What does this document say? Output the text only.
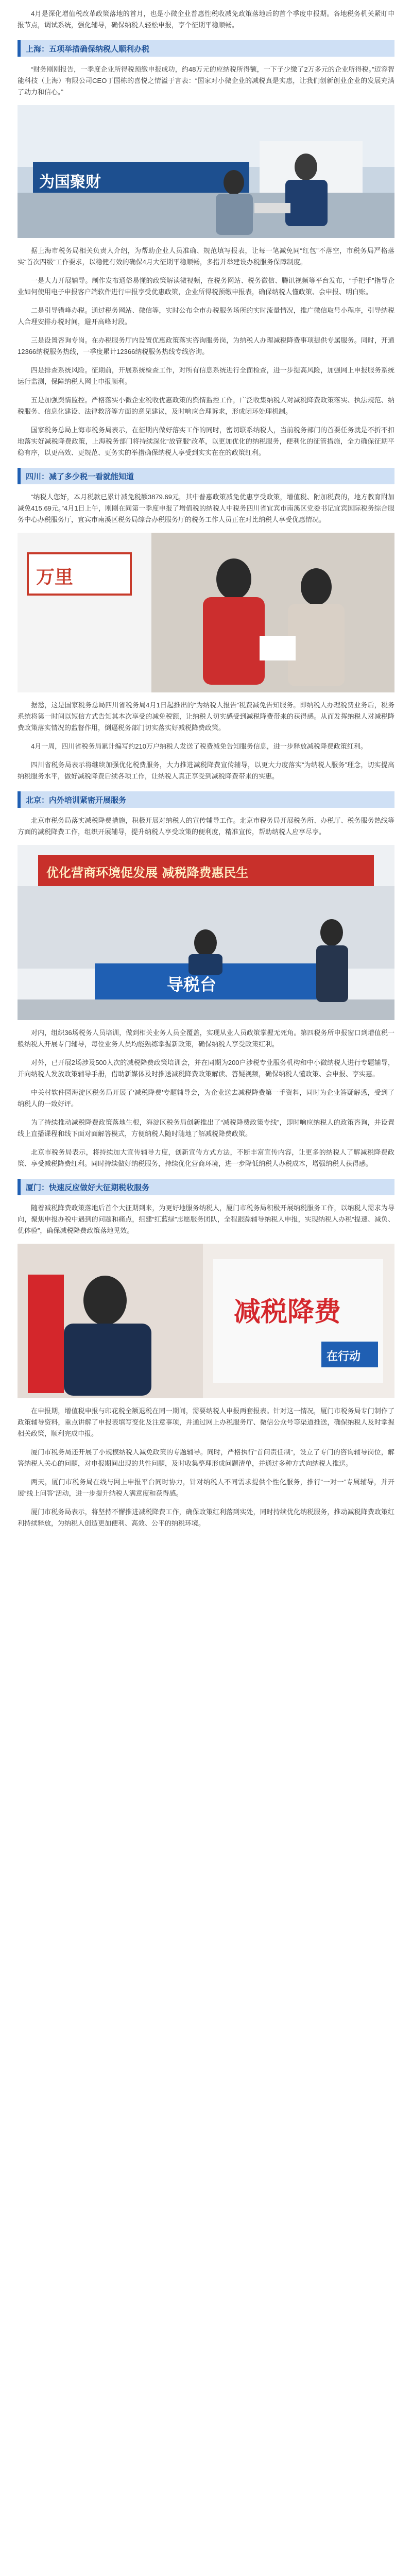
4月是深化增值税改革政策落地的首月，也是小微企业普惠性税收减免政策落地后的首个季度申报期。各地税务机关紧盯申报节点，调试系统，强化辅导，确保纳税人轻松申报，享个征期平稳顺畅。

上海：五项举措确保纳税人顺利办税

“财务刚刚报告，一季度企业所得税预缴申报成功，约48万元的应纳税所得额，一下子少缴了2万多元的企业所得税。”迈容智能科技（上海）有限公司CEO丁国栋的喜悦之情溢于言表：“国家对小微企业的减税真是实惠，让我们创新创业企业的发展充满了动力和信心。”

为国聚财

据上海市税务局相关负责人介绍，为帮助企业人员准确、规范填写报表，让每一笔减免同“红包”不落空，市税务局严格落实“首次四级”工作要求，以稳健有效的确保4月大征期平稳顺畅，多措并举建设办税服务保障制度。

一是大力开展辅导。制作发布通俗易懂的政策解读微视频，在税务网站、税务微信、腾讯视频等平台发布，“手把手”指导企业如何使用电子申报客户端软件进行申报享受优惠政策，企业所得税预缴申报表，确保纳税人懂政策、会申报、明白账。

二是引导错峰办税。通过税务网站、微信等，实时公布全市办税服务场所的实时流量情况，推广微信取号小程序，引导纳税人合理安排办税时间，避开高峰时段。

三是设置咨询专岗。在办税服务厅内设置优惠政策落实咨询服务岗，为纳税人办理减税降费事项提供专属服务。同时，开通12366纳税服务热线，一季度累计12366纳税服务热线专线咨询。

四是排查系统风险。征期前，开展系统检查工作，对所有信息系统进行全面检查，进一步提高风险，加强网上申报服务系统运行监测，保障纳税人网上申报顺利。

五是加强舆情监控。严格落实小微企业税收优惠政策的舆情监控工作，广泛收集纳税人对减税降费政策落实、执法规范、纳税服务、信息化建设、法律救济等方面的意见建议，及时响应合理诉求，形成闭环处理机制。

国家税务总局上海市税务局表示，在征期内做好落实工作的同时，密切联系纳税人，当前税务部门的首要任务就是不折不扣地落实好减税降费政策，上海税务部门将持续深化“放管服”改革，以更加优化的纳税服务，便利化的征管措施，全力确保征期平稳有序，以更高效、更规范、更务实的举措确保纳税人享受到实实在在的政策红利。

四川：减了多少税一看就能知道

“纳税人您好，本月税款已累计减免税额3879.69元，其中普惠政策减免优惠享受政策，增值税、附加税费的，地方教育附加减免415.69元。”4月1日上午，刚刚在同第一季度申报了增值税的纳税人中税务四川省宜宾市南溪区党委书记宜宾国际税务综合服务中心办税服务厅，宜宾市南溪区税务局综合办税服务厅的税务工作人员正在对比纳税人享受优惠情况。

万里

据悉，这是国家税务总局四川省税务局4月1日起推出的“为纳税人报告”税费减免告知服务。即纳税人办理税费业务后，税务系统将第一时间以短信方式告知其本次享受的减免税额，让纳税人切实感受到减税降费带来的获得感。从而发挥纳税人对减税降费政策落实情况的监督作用，倒逼税务部门切实落实好减税降费政策。

4月一周，四川省税务局累计编写约210万户纳税人发送了税费减免告知服务信息，进一步释放减税降费政策红利。

四川省税务局表示将继续加强优化税费服务，大力推进减税降费宣传辅导，以更大力度落实“为纳税人服务”理念，切实提高纳税服务水平，做好减税降费后续各项工作，让纳税人真正享受到减税降费带来的实惠。

北京：内外培训紧密开展服务

北京市税务局落实减税降费措施，积极开展对纳税人的宣传辅导工作。北京市税务局开展税务所、办税厅、税务服务热线等方面的减税降费工作，组织开展辅导，提升纳税人享受政策的便利度，精准宣传，帮助纳税人应享尽享。

优化营商环境促发展 减税降费惠民生
导税台

对内，组织36场税务人员培训，做到相关业务人员全覆盖，实现从业人员政策掌握无死角。第四税务所申报窗口到增值税一般纳税人开展专门辅导，每位业务人员均能熟练掌握新政策，确保纳税人享受政策红利。

对外，已开展2场涉及500人次的减税降费政策培训会，并在同期为200户涉税专业服务机构和中小微纳税人进行专题辅导，并向纳税人发放政策辅导手册，借助新媒体及时推送减税降费政策解读、答疑视频，确保纳税人懂政策、会申报、享实惠。

中关村软件园海淀区税务局开展了‘减税降费’专题辅导会，为企业送去减税降费第一手资料，同时为企业答疑解惑，受到了纳税人的一致好评。

为了持续推动减税降费政策落地生根，海淀区税务局创新推出了“减税降费政策专线”，即时响应纳税人的政策咨询，并设置线上直播课程和线下面对面解答模式，方便纳税人随时随地了解减税降费政策。

北京市税务局表示，将持续加大宣传辅导力度，创新宣传方式方法，不断丰富宣传内容，让更多的纳税人了解减税降费政策、享受减税降费红利。同时持续做好纳税服务，持续优化营商环境，进一步降低纳税人办税成本，增强纳税人获得感。

厦门：快速反应做好大征期税收服务

随着减税降费政策落地后首个大征期到来，为更好地服务纳税人，厦门市税务局积极开展纳税服务工作，以纳税人需求为导向，聚焦申报办税中遇到的问题和痛点，组建“红蓝绿”志愿服务团队，全程跟踪辅导纳税人申报，实现纳税人办税“提速、减负、优体验”，确保减税降费政策落地见效。

减税降费
在行动

在申报期，增值税申报与印花税全额退税在同一期间，需要纳税人申报两套报表。针对这一情况，厦门市税务局专门制作了政策辅导资料，重点讲解了申报表填写变化及注意事项，并通过网上办税服务厅、微信公众号等渠道推送，确保纳税人及时掌握相关政策，顺利完成申报。

厦门市税务局还开展了小规模纳税人减免政策的专题辅导。同时，严格执行“首问责任制”，设立了专门的咨询辅导岗位，解答纳税人关心的问题，对申报期间出现的共性问题，及时收集整理形成问题清单，并通过多种方式向纳税人推送。

两天，厦门市税务局在线与网上申报平台同时协力，针对纳税人不同需求提供个性化服务，推行“一对一”专属辅导，并开展“线上问答”活动，进一步提升纳税人满意度和获得感。

厦门市税务局表示，将坚持不懈推进减税降费工作，确保政策红利落到实处，同时持续优化纳税服务，推动减税降费政策红利持续释放，为纳税人创造更加便利、高效、公平的纳税环境。
